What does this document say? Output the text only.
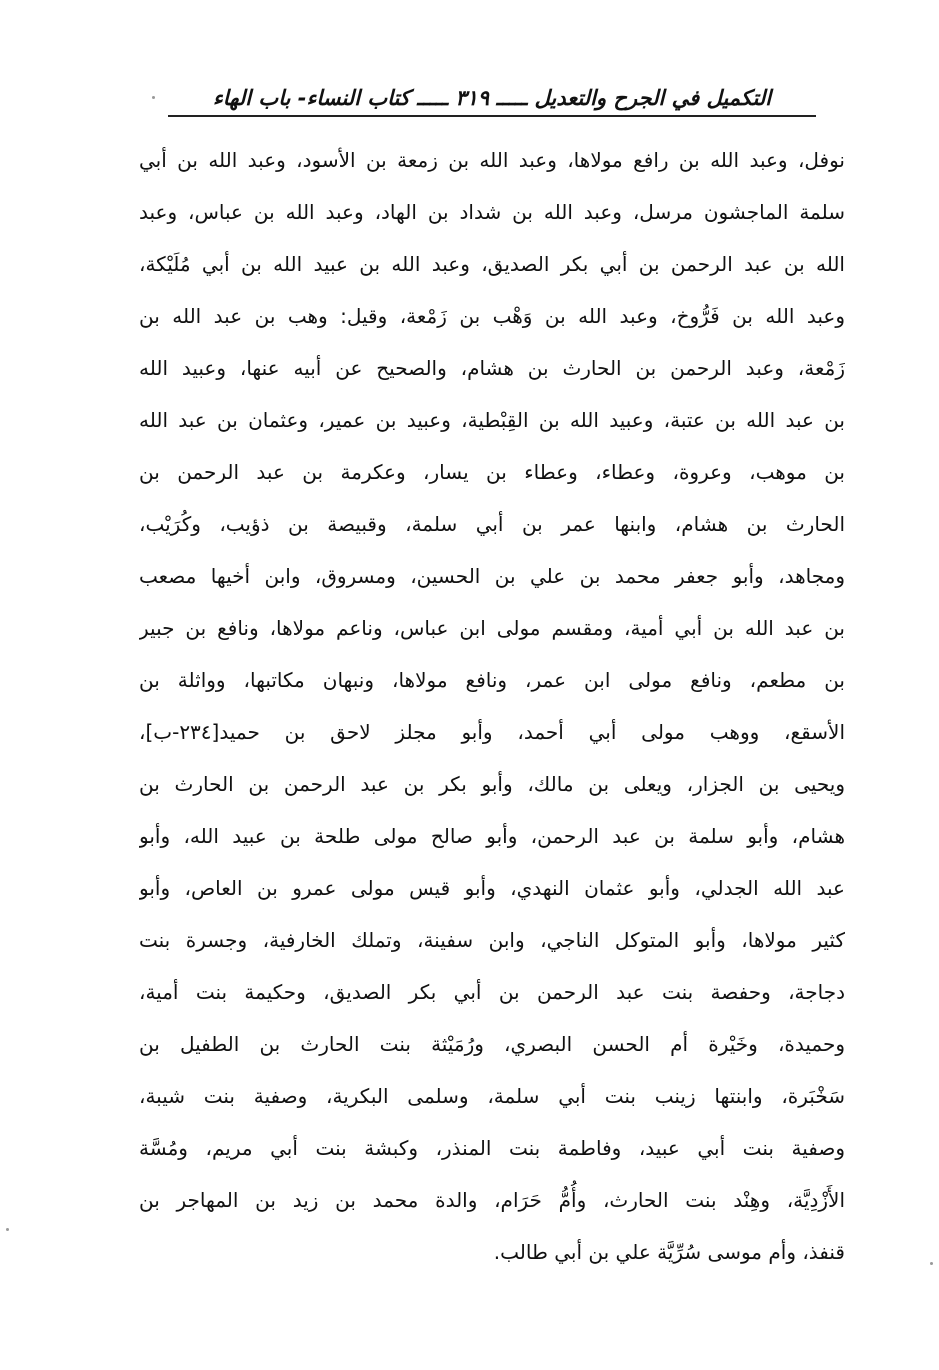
التكميل في الجرح والتعديل ـــــ ٣١٩ ـــــ كتاب النساء- باب الهاء
نوفل، وعبد الله بن رافع مولاها، وعبد الله بن زمعة بن الأسود، وعبد الله بن أبي
سلمة الماجشون مرسل، وعبد الله بن شداد بن الهاد، وعبد الله بن عباس، وعبد
الله بن عبد الرحمن بن أبي بكر الصديق، وعبد الله بن عبيد الله بن أبي مُلَيْكة،
وعبد الله بن فَرُّوخ، وعبد الله بن وَهْب بن زَمْعة، وقيل: وهب بن عبد الله بن
زَمْعة، وعبد الرحمن بن الحارث بن هشام، والصحيح عن أبيه عنها، وعبيد الله
بن عبد الله بن عتبة، وعبيد الله بن القِبْطية، وعبيد بن عمير، وعثمان بن عبد الله
بن موهب، وعروة، وعطاء، وعطاء بن يسار، وعكرمة بن عبد الرحمن بن
الحارث بن هشام، وابنها عمر بن أبي سلمة، وقبيصة بن ذؤيب، وكُرَيْب،
ومجاهد، وأبو جعفر محمد بن علي بن الحسين، ومسروق، وابن أخيها مصعب
بن عبد الله بن أبي أمية، ومقسم مولى ابن عباس، وناعم مولاها، ونافع بن جبير
بن مطعم، ونافع مولى ابن عمر، ونافع مولاها، ونبهان مكاتبها، وواثلة بن
الأسقع، ووهب مولى أبي أحمد، وأبو مجلز لاحق بن حميد[٢٣٤-ب]،
ويحيى بن الجزار، ويعلى بن مالك، وأبو بكر بن عبد الرحمن بن الحارث بن
هشام، وأبو سلمة بن عبد الرحمن، وأبو صالح مولى طلحة بن عبيد الله، وأبو
عبد الله الجدلي، وأبو عثمان النهدي، وأبو قيس مولى عمرو بن العاص، وأبو
كثير مولاها، وأبو المتوكل الناجي، وابن سفينة، وتملك الخارفية، وجسرة بنت
دجاجة، وحفصة بنت عبد الرحمن بن أبي بكر الصديق، وحكيمة بنت أمية،
وحميدة، وخَيْرة أم الحسن البصري، ورُمَيْثة بنت الحارث بن الطفيل بن
سَخْبَرة، وابنتها زينب بنت أبي سلمة، وسلمى البكرية، وصفية بنت شيبة،
وصفية بنت أبي عبيد، وفاطمة بنت المنذر، وكبشة بنت أبي مريم، ومُسَّة
الأَزْدِيَّة، وهِنْد بنت الحارث، وأُمُّ حَرَام، والدة محمد بن زيد بن المهاجر بن
قنفذ، وأم موسى سُرِّيَّة علي بن أبي طالب.
